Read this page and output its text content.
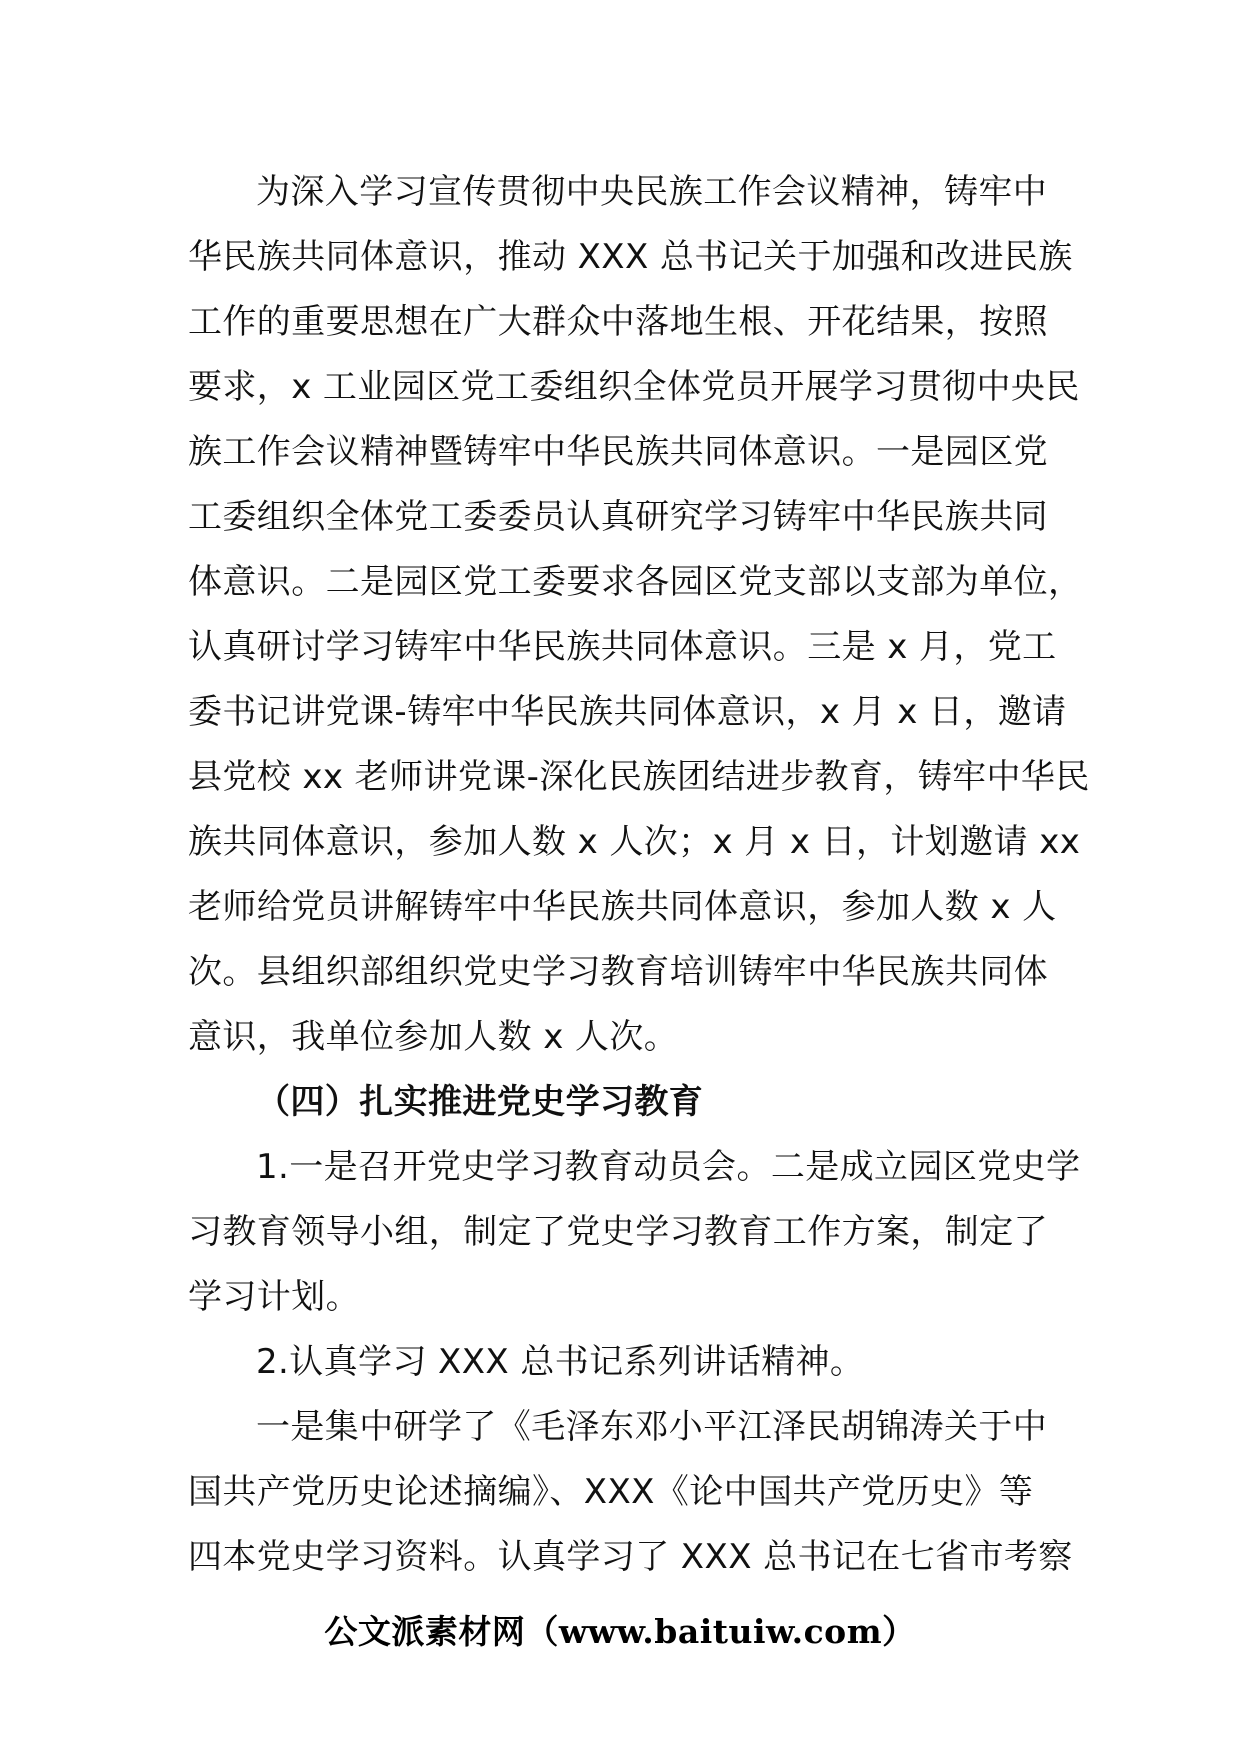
为深入学习宣传贯彻中央民族工作会议精神，铸牢中
华民族共同体意识，推动 XXX 总书记关于加强和改进民族
工作的重要思想在广大群众中落地生根、开花结果，按照
要求，x 工业园区党工委组织全体党员开展学习贯彻中央民
族工作会议精神暨铸牢中华民族共同体意识。一是园区党
工委组织全体党工委委员认真研究学习铸牢中华民族共同
体意识。二是园区党工委要求各园区党支部以支部为单位，
认真研讨学习铸牢中华民族共同体意识。三是 x 月，党工
委书记讲党课-铸牢中华民族共同体意识，x 月 x 日，邀请
县党校 xx 老师讲党课-深化民族团结进步教育，铸牢中华民
族共同体意识，参加人数 x 人次；x 月 x 日，计划邀请 xx
老师给党员讲解铸牢中华民族共同体意识，参加人数 x 人
次。县组织部组织党史学习教育培训铸牢中华民族共同体
意识，我单位参加人数 x 人次。
（四）扎实推进党史学习教育
1.一是召开党史学习教育动员会。二是成立园区党史学
习教育领导小组，制定了党史学习教育工作方案，制定了
学习计划。
2.认真学习 XXX 总书记系列讲话精神。
一是集中研学了《毛泽东邓小平江泽民胡锦涛关于中
国共产党历史论述摘编》、XXX《论中国共产党历史》等
四本党史学习资料。认真学习了 XXX 总书记在七省市考察
公文派素材网（www.baituiw.com）
